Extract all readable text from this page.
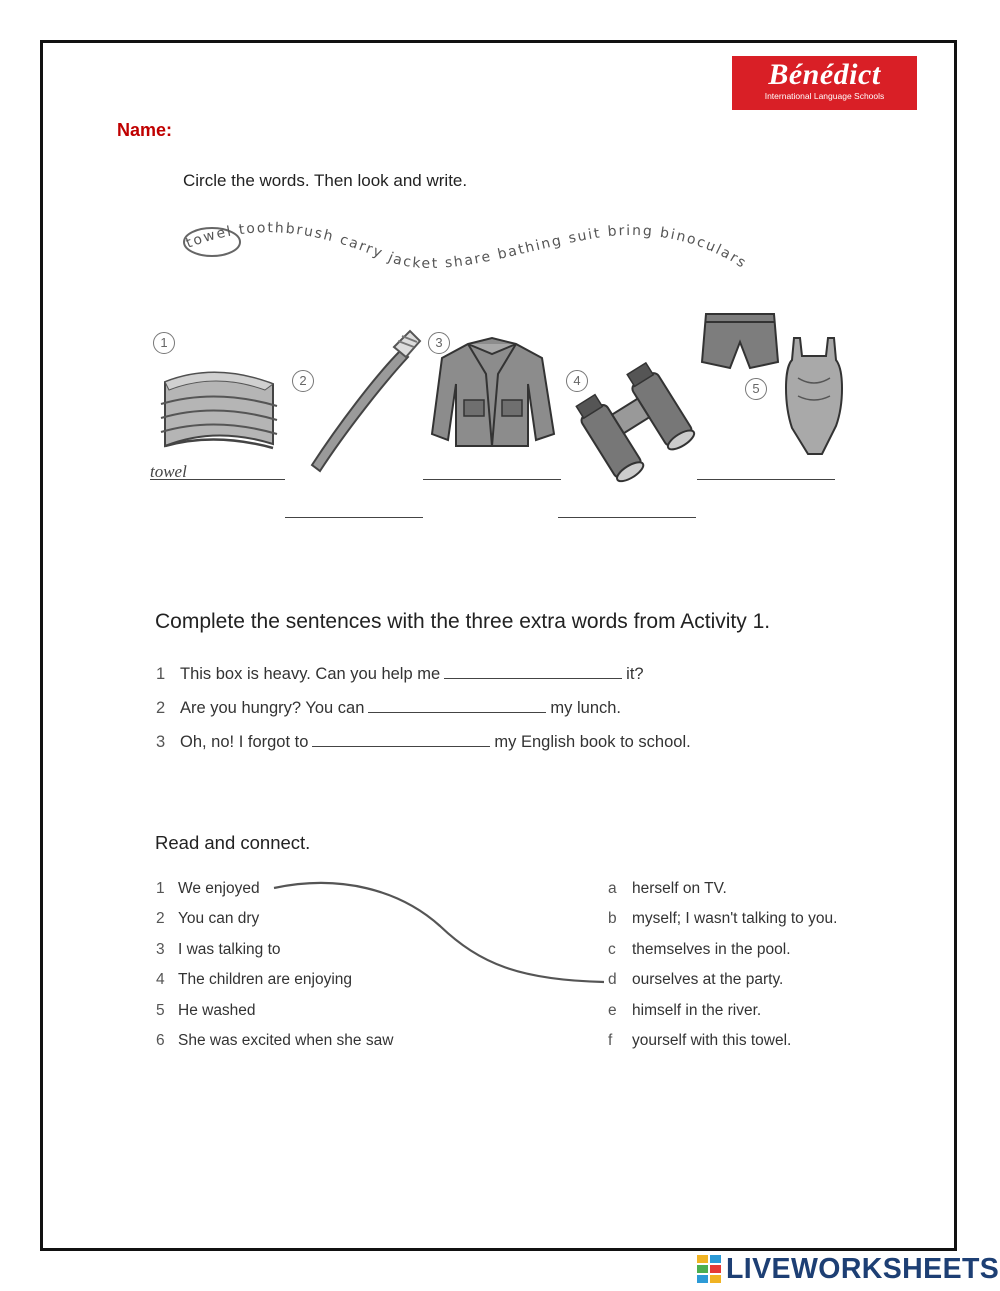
Bénédict
International Language Schools
Name:
Circle the words. Then look and write.
towel toothbrush carry jacket share bathing suit bring binoculars
1
2
3
4
5
towel
Complete the sentences with the three extra words from Activity 1.
1 This box is heavy. Can you help me	it?
2 Are you hungry? You can	my lunch.
3 Oh, no! I forgot to	my English book to school.
Read and connect.
1 We enjoyed
2 You can dry
3 I was talking to
4 The children are enjoying
5 He washed
6 She was excited when she saw
a herself on TV.
b myself; I wasn't talking to you.
c themselves in the pool.
d ourselves at the party.
e himself in the river.
f yourself with this towel.
LIVEWORKSHEETS
